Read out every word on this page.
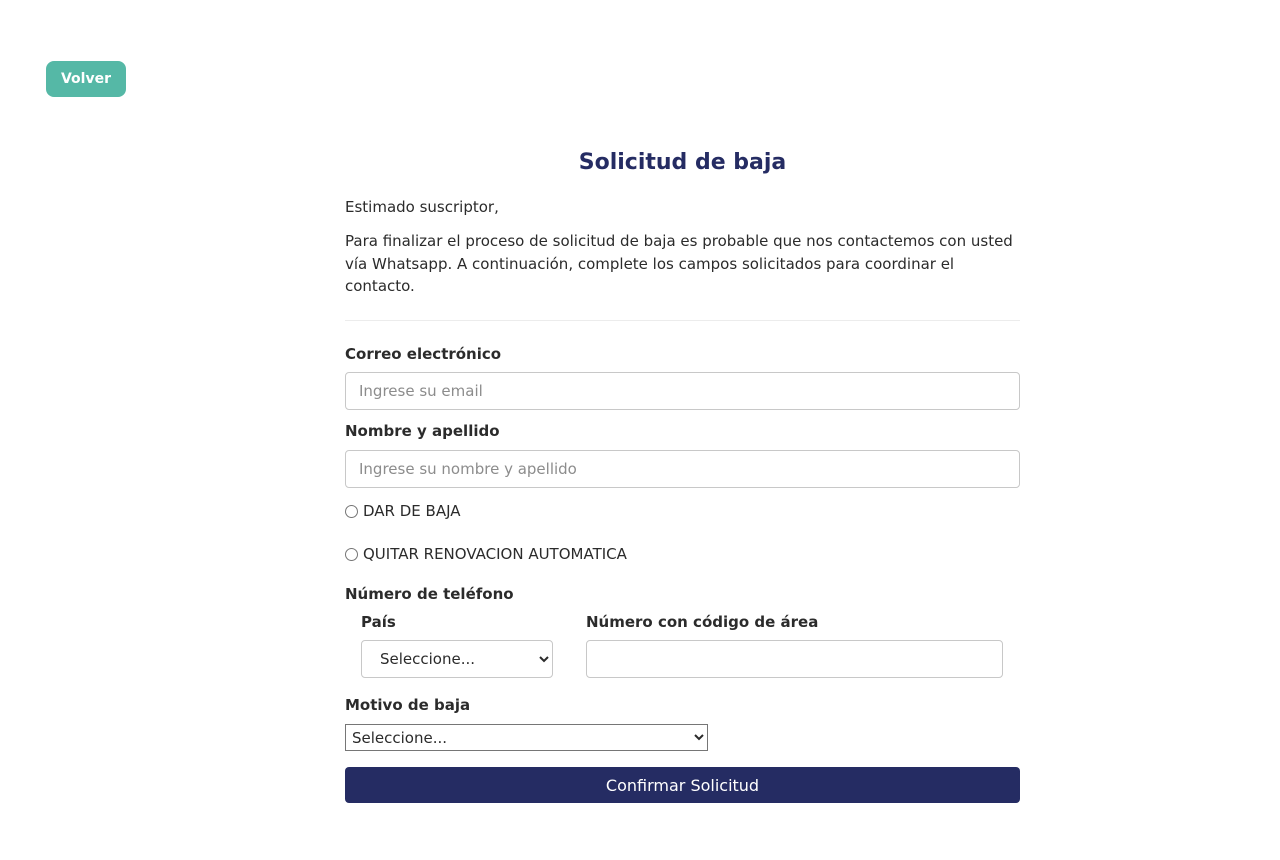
Volver
Solicitud de baja

Estimado suscriptor,

Para finalizar el proceso de solicitud de baja es probable que nos contactemos con usted vía Whatsapp. A continuación, complete los campos solicitados para coordinar el contacto.

Correo electrónico
Ingrese su email
Nombre y apellido
Ingrese su nombre y apellido
DAR DE BAJA
QUITAR RENOVACION AUTOMATICA
Número de teléfono
País	Número con código de área
Seleccione...
Motivo de baja
Seleccione...
Confirmar Solicitud
